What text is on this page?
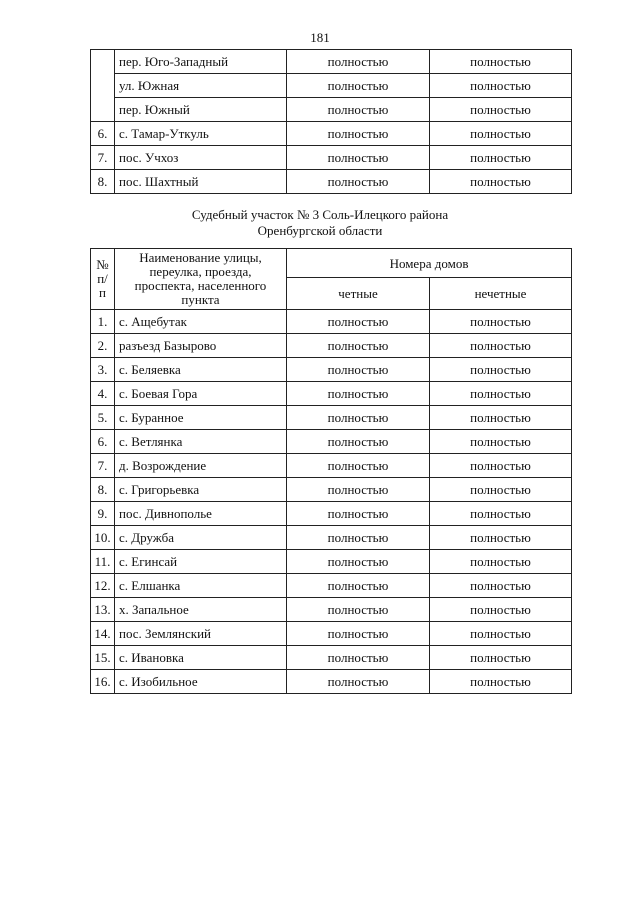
181
	пер. Юго-Западный	полностью	полностью
	ул. Южная	полностью	полностью
	пер. Южный	полностью	полностью
6.	с. Тамар-Уткуль	полностью	полностью
7.	пос. Учхоз	полностью	полностью
8.	пос. Шахтный	полностью	полностью
Судебный участок № 3 Соль-Илецкого района
Оренбургской области
№ п/п	Наименование улицы, переулка, проезда, проспекта, населенного пункта	Номера домов	
		четные	нечетные
1.	с. Ащебутак	полностью	полностью
2.	разъезд Базырово	полностью	полностью
3.	с. Беляевка	полностью	полностью
4.	с. Боевая Гора	полностью	полностью
5.	с. Буранное	полностью	полностью
6.	с. Ветлянка	полностью	полностью
7.	д. Возрождение	полностью	полностью
8.	с. Григорьевка	полностью	полностью
9.	пос. Дивнополье	полностью	полностью
10.	с. Дружба	полностью	полностью
11.	с. Егинсай	полностью	полностью
12.	с. Елшанка	полностью	полностью
13.	х. Запальное	полностью	полностью
14.	пос. Землянский	полностью	полностью
15.	с. Ивановка	полностью	полностью
16.	с. Изобильное	полностью	полностью
